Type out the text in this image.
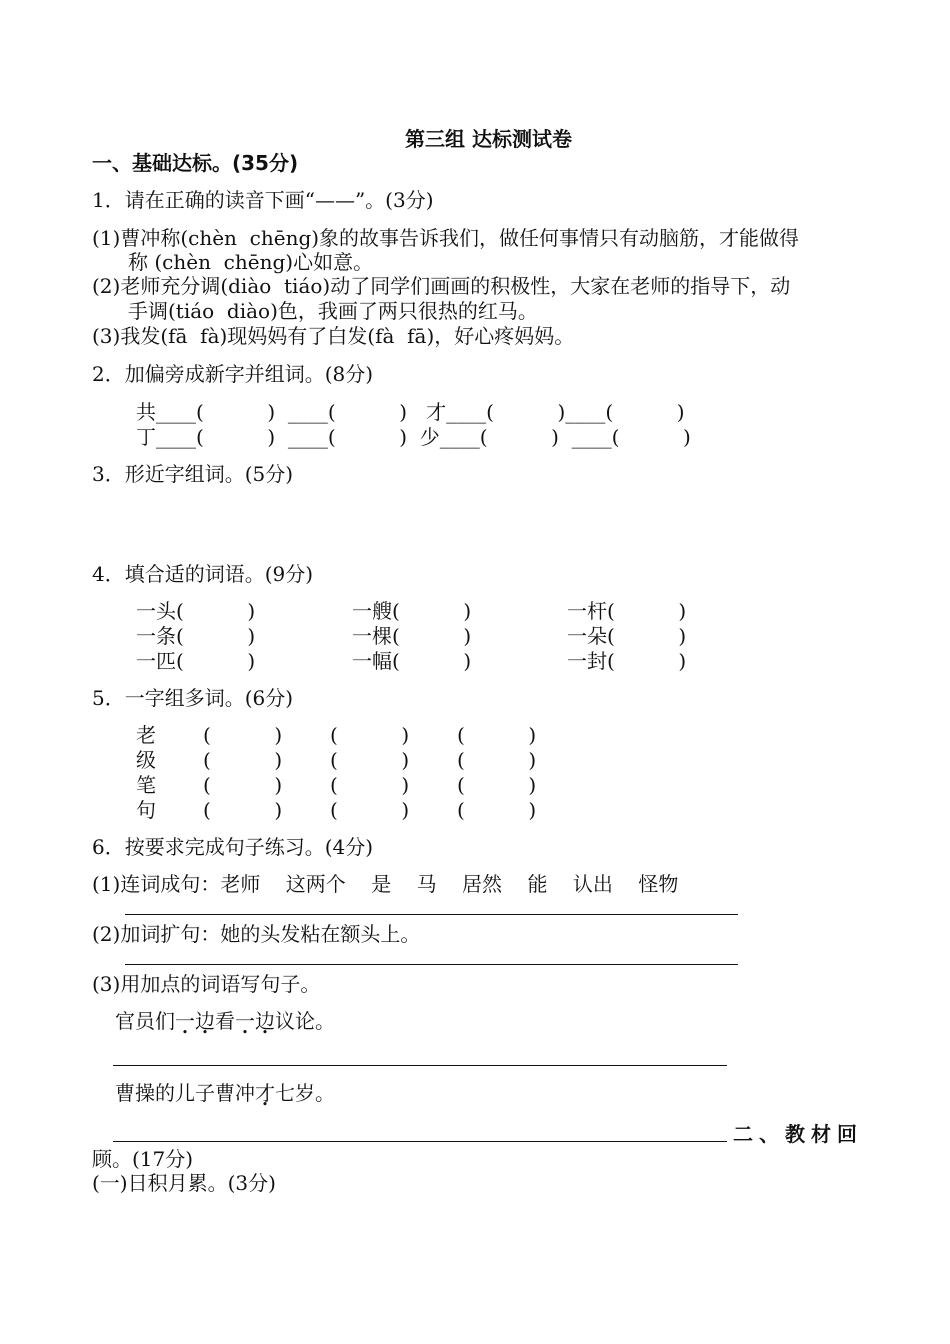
第三组 达标测试卷
一、基础达标。(35分)
1．请在正确的读音下画“——”。(3分)
(1)曹冲称(chèn  chēng)象的故事告诉我们，做任何事情只有动脑筋，才能做得
称 (chèn  chēng)心如意。
(2)老师充分调(diào  tiáo)动了同学们画画的积极性，大家在老师的指导下，动
手调(tiáo  diào)色，我画了两只很热的红马。
(3)我发(fā  fà)现妈妈有了白发(fà  fā)，好心疼妈妈。
2．加偏旁成新字并组词。(8分)
共____(          )  ____(          )   才____(          )____(          )
丁____(          )  ____(          )  少____(          )  ____(          )
3．形近字组词。(5分)
4．填合适的词语。(9分)
一头(          )
一条(          )
一匹(          )
一艘(          )
一棵(          )
一幅(          )
一杆(          )
一朵(          )
一封(          )
5．一字组多词。(6分)
老
级
笔
句
(          ) (          ) (          )
(          ) (          ) (          )
(          ) (          ) (          )
(          ) (          ) (          )
6．按要求完成句子练习。(4分)
(1)连词成句：老师    这两个    是    马    居然    能    认出    怪物
(2)加词扩句：她的头发粘在额头上。
(3)用加点的词语写句子。
官员们一边看一边议论。
曹操的儿子曹冲才七岁。
二、教材回
顾。(17分)
(一)日积月累。(3分)
